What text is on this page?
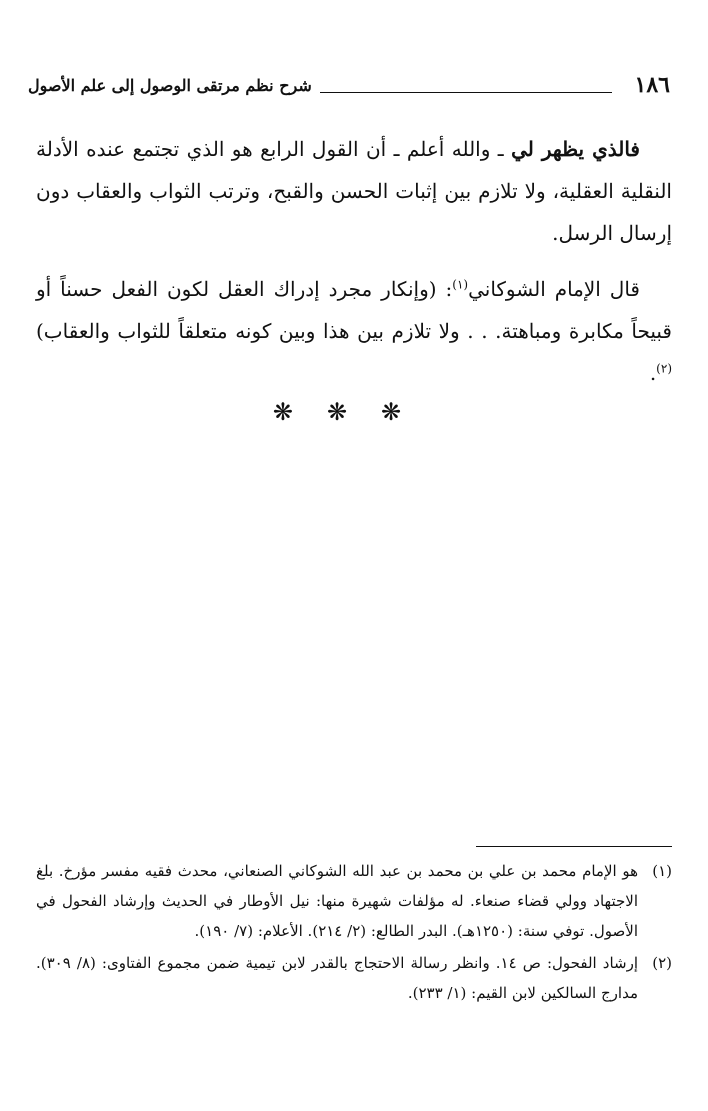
١٨٦
شرح نظم مرتقى الوصول إلى علم الأصول

فالذي يظهر لي ـ والله أعلم ـ أن القول الرابع هو الذي تجتمع عنده الأدلة النقلية العقلية، ولا تلازم بين إثبات الحسن والقبح، وترتب الثواب والعقاب دون إرسال الرسل.

قال الإمام الشوكاني$^{(١)}$: (وإنكار مجرد إدراك العقل لكون الفعل حسناً أو قبيحاً مكابرة ومباهتة. . . ولا تلازم بين هذا وبين كونه متعلقاً للثواب والعقاب)$^{(٢)}$.

❋❋❋
(١)
هو الإمام محمد بن علي بن محمد بن عبد الله الشوكاني الصنعاني، محدث فقيه مفسر مؤرخ. بلغ الاجتهاد وولي قضاء صنعاء. له مؤلفات شهيرة منها: نيل الأوطار في الحديث وإرشاد الفحول في الأصول. توفي سنة: (١٢٥٠هـ). البدر الطالع: (٢/ ٢١٤). الأعلام: (٧/ ١٩٠).
(٢)
إرشاد الفحول: ص ١٤. وانظر رسالة الاحتجاج بالقدر لابن تيمية ضمن مجموع الفتاوى: (٨/ ٣٠٩). مدارج السالكين لابن القيم: (١/ ٢٣٣).
